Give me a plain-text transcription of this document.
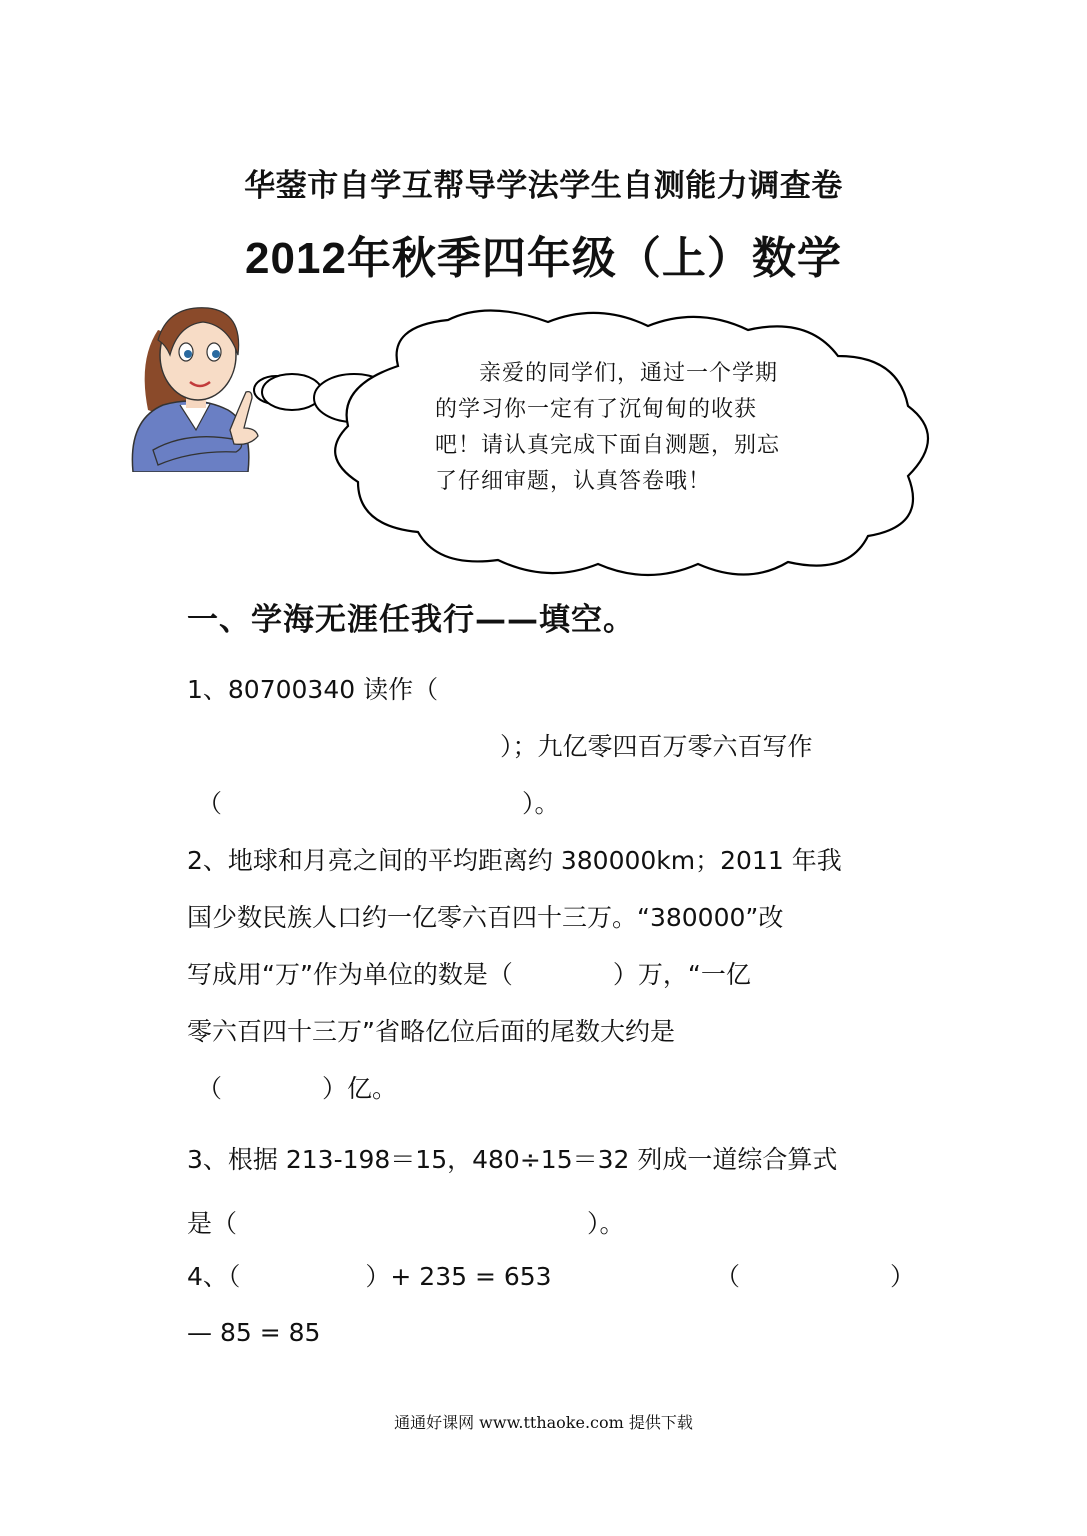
华蓥市自学互帮导学法学生自测能力调查卷
2012年秋季四年级（上）数学
亲爱的同学们，通过一个学期
的学习你一定有了沉甸甸的收获
吧！请认真完成下面自测题，别忘
了仔细审题，认真答卷哦！
一、学海无涯任我行——填空。

1、80700340 读作（

）；九亿零四百万零六百写作

（　　　　　　　　　　　　）。

2、地球和月亮之间的平均距离约 380000km；2011 年我

国少数民族人口约一亿零六百四十三万。“380000”改

写成用“万”作为单位的数是（　　　　）万，“一亿

零六百四十三万”省略亿位后面的尾数大约是

（　　　　）亿。

3、根据 213-198＝15，480÷15＝32 列成一道综合算式

是（　　　　　　　　　　　　　　）。

4、（　　　　　）+ 235 = 653	（　　　　　　）

— 85 = 85

通通好课网 www.tthaoke.com 提供下载
